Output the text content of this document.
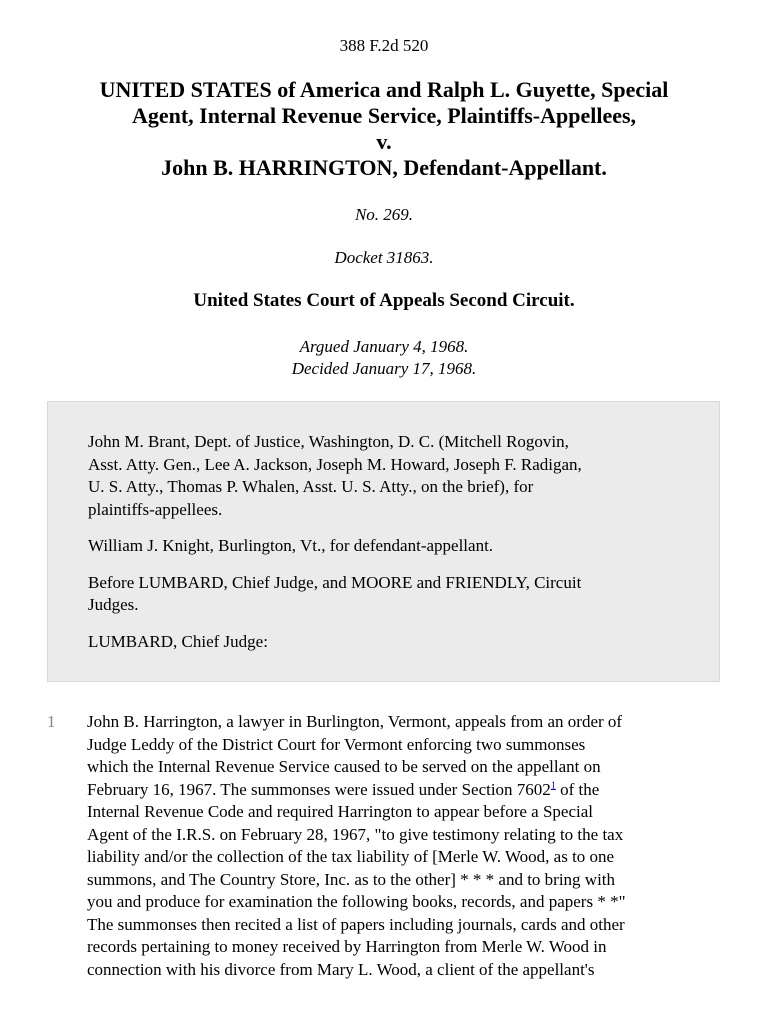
388 F.2d 520
UNITED STATES of America and Ralph L. Guyette, Special
Agent, Internal Revenue Service, Plaintiffs-Appellees,
v.
John B. HARRINGTON, Defendant-Appellant.
No. 269.
Docket 31863.
United States Court of Appeals Second Circuit.
Argued January 4, 1968.
Decided January 17, 1968.

John M. Brant, Dept. of Justice, Washington, D. C. (Mitchell Rogovin,
Asst. Atty. Gen., Lee A. Jackson, Joseph M. Howard, Joseph F. Radigan,
U. S. Atty., Thomas P. Whalen, Asst. U. S. Atty., on the brief), for
plaintiffs-appellees.

William J. Knight, Burlington, Vt., for defendant-appellant.

Before LUMBARD, Chief Judge, and MOORE and FRIENDLY, Circuit
Judges.

LUMBARD, Chief Judge:

1	John B. Harrington, a lawyer in Burlington, Vermont, appeals from an order of
Judge Leddy of the District Court for Vermont enforcing two summonses
which the Internal Revenue Service caused to be served on the appellant on
February 16, 1967. The summonses were issued under Section 7602$^1$ of the
Internal Revenue Code and required Harrington to appear before a Special
Agent of the I.R.S. on February 28, 1967, "to give testimony relating to the tax
liability and/or the collection of the tax liability of [Merle W. Wood, as to one
summons, and The Country Store, Inc. as to the other] * * * and to bring with
you and produce for examination the following books, records, and papers * *"
The summonses then recited a list of papers including journals, cards and other
records pertaining to money received by Harrington from Merle W. Wood in
connection with his divorce from Mary L. Wood, a client of the appellant's
